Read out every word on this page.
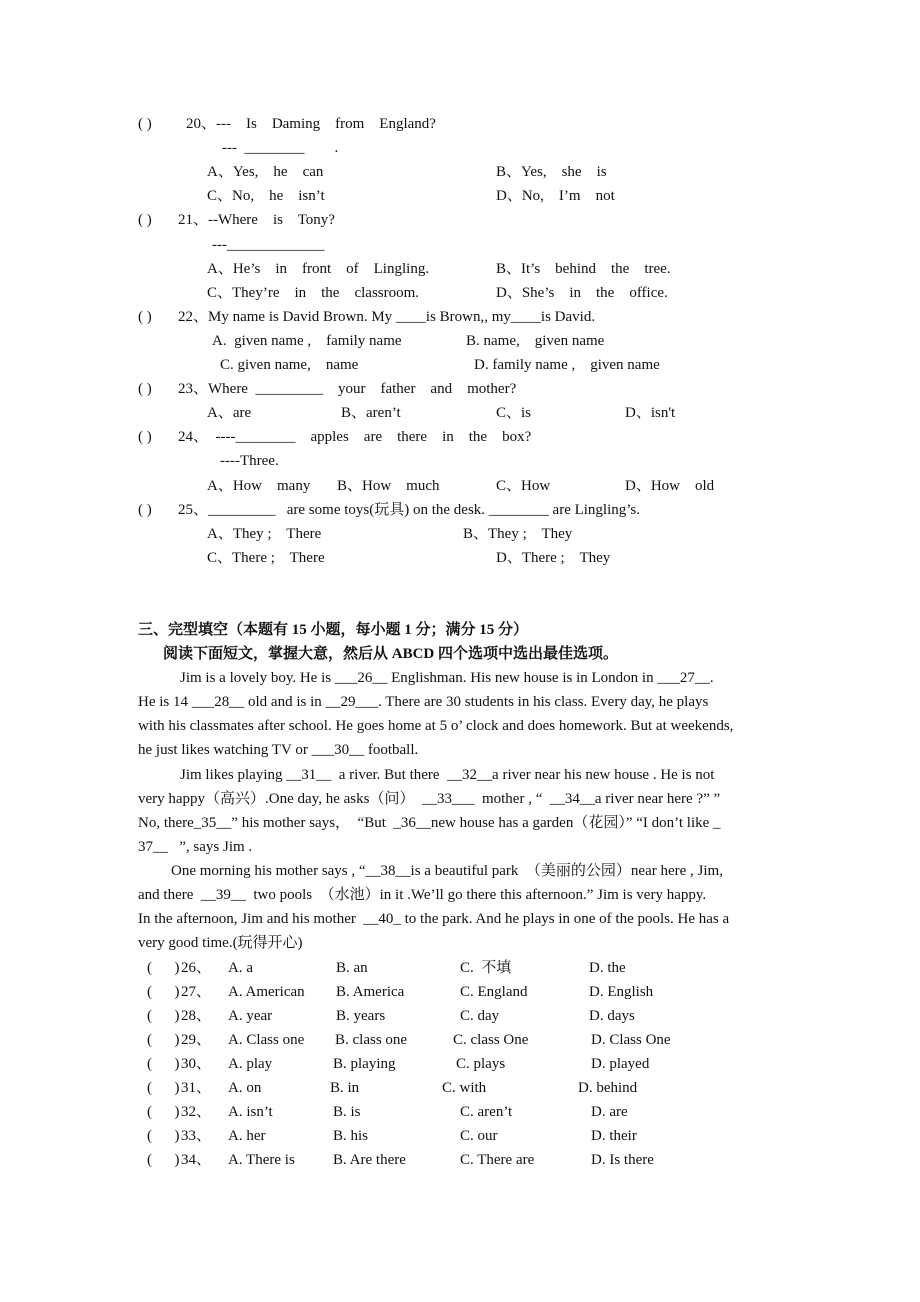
( ) 20、---    Is    Daming    from    England?
---  ________        .
A、Yes,    he    can	B、Yes,    she    is
C、No,    he    isn’t	D、No,    I’m    not
( ) 21、--Where    is    Tony?
---_____________
A、He’s    in    front    of    Lingling.	B、It’s    behind    the    tree.
C、They’re    in    the    classroom.	D、She’s    in    the    office.
( ) 22、My name is David Brown. My ____is Brown,, my____is David.
A.  given name ,    family name	B. name,    given name
C. given name,    name	D. family name ,    given name
( ) 23、Where  _________    your    father    and    mother?
A、are	B、aren’t	C、is	D、isn't
( ) 24、  ----________    apples    are    there    in    the    box?
----Three.
A、How    many B、How    much	C、How	D、How    old
( ) 25、_________   are some toys(玩具) on the desk. ________ are Lingling’s.
A、They ;    There	B、They ;    They
C、There ;    There	D、There ;    They
三、完型填空（本题有 15 小题，每小题 1 分；满分 15 分）
阅读下面短文，掌握大意，然后从 ABCD 四个选项中选出最佳选项。
Jim is a lovely boy. He is ___26__ Englishman. His new house is in London in ___27__.
He is 14 ___28__ old and is in __29___. There are 30 students in his class. Every day, he plays
with his classmates after school. He goes home at 5 o’ clock and does homework. But at weekends,
he just likes watching TV or ___30__ football.
Jim likes playing __31__  a river. But there  __32__a river near his new house . He is not
very happy（高兴）.One day, he asks（问）  __33___  mother , “  __34__a river near here ?” ”
No, there_35__” his mother says，  “But  _36__new house has a garden（花园）” “I don’t like _
37__   ”, says Jim .
One morning his mother says , “__38__is a beautiful park  （美丽的公园）near here , Jim,
and there  __39__  two pools  （水池）in it .We’ll go there this afternoon.” Jim is very happy.
In the afternoon, Jim and his mother  __40_ to the park. And he plays in one of the pools. He has a
very good time.(玩得开心)
(      ) 26、 A. a	B. an	C.  不填	D. the
(      ) 27、 A. American B. America	C. England	D. English
(      ) 28、 A. year	B. years	C. day	D. days
(      ) 29、 A. Class one B. class one	C. class One	D. Class One
(      ) 30、 A. play	B. playing	C. plays	D. played
(      ) 31、 A. on	B. in	C. with	D. behind
(      ) 32、 A. isn’t	B. is	C. aren’t	D. are
(      ) 33、 A. her	B. his	C. our	D. their
(      ) 34、 A. There is	B. Are there	C. There are	D. Is there
